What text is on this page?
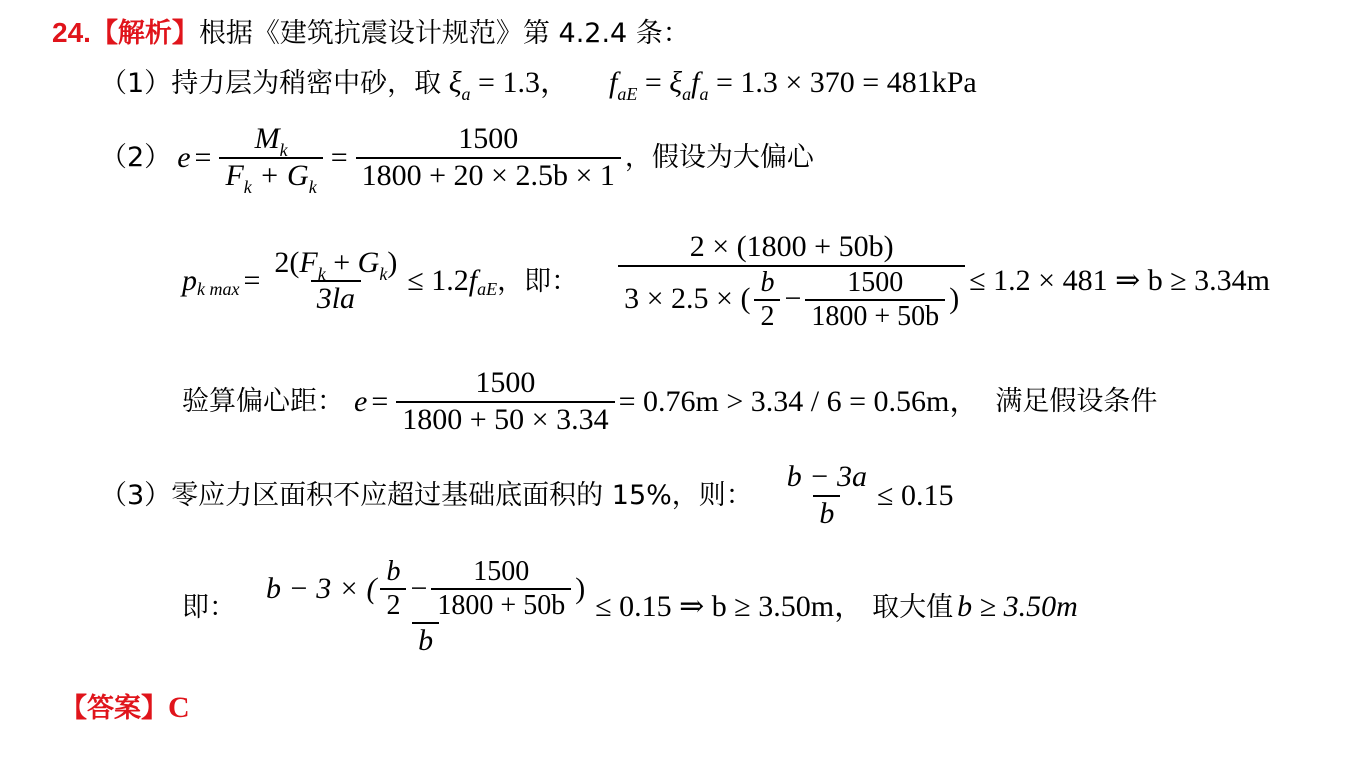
24.【解析】根据《建筑抗震设计规范》第 4.2.4 条：
（1）持力层为稍密中砂，取 $\xi_a = 1.3$， $f_{aE} = \xi_af_a = 1.3 \times 370 = 481kPa$
（2） $e = \frac{M_k}{F_k + G_k} = \frac{1500}{1800 + 20 \times 2.5b \times 1}$ ，假设为大偏心
p k $\max = \frac{2(F_k + G_k)}{3la} \le 1.2$ f aE ，即：
2 × (1800 + 50b)
3 × 2.5 × ( $\frac{b}{2} - \frac{1500}{1800 + 50b}$ )
≤ 1.2 × 481 ⇒ b ≥ 3.34m
验算偏心距： $e = \frac{1500}{1800 + 50 \times 3.34} = 0.76m > 3.34 / 6 = 0.56m$， 满足假设条件
（3） 零应力区面积不应超过基础底面积的 15%，则： $\frac{b - 3a}{b} \le 0.15$
即：
b − 3 × ( $\frac{b}{2} - \frac{1500}{1800 + 50b}$ )
b
≤ 0.15 ⇒ b ≥ 3.50m， 取大值 b ≥ 3.50m
【答案】C
